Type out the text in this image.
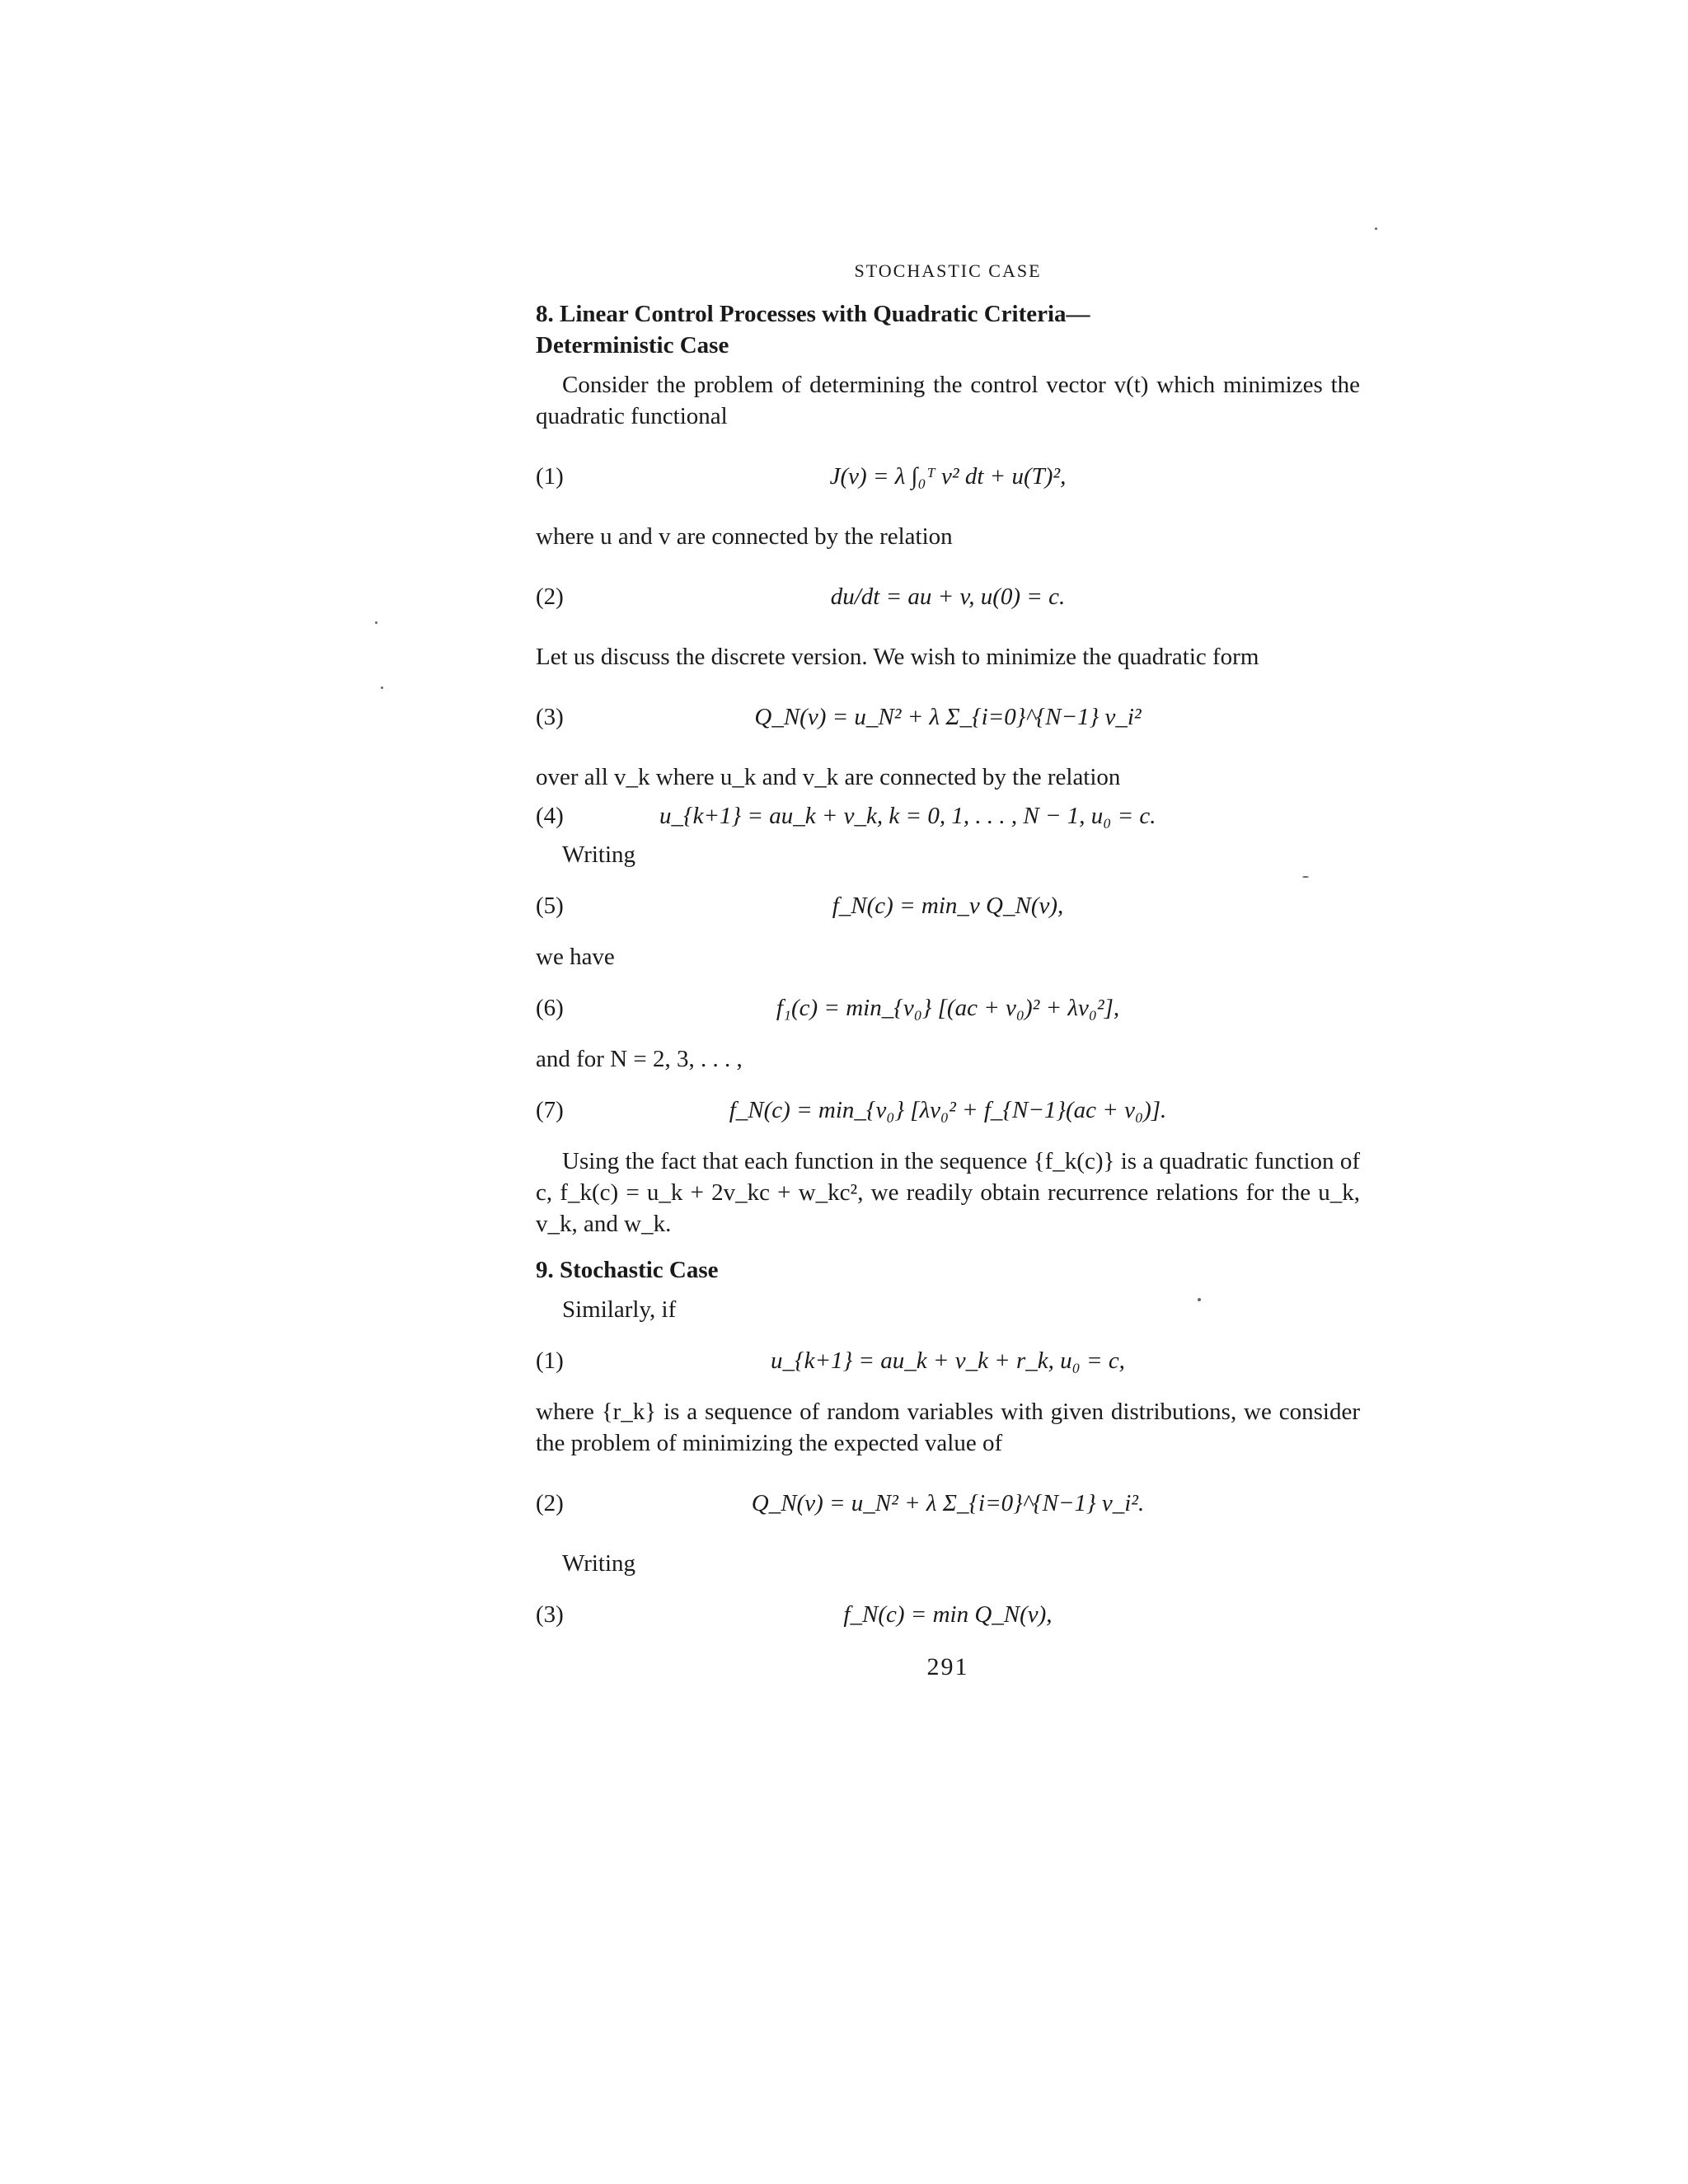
STOCHASTIC CASE
8. Linear Control Processes with Quadratic Criteria—
Deterministic Case

Consider the problem of determining the control vector v(t) which minimizes the quadratic functional

(1)	J(v) = λ ∫₀ᵀ v² dt + u(T)²,

where u and v are connected by the relation

(2)	du/dt = au + v, u(0) = c.

Let us discuss the discrete version. We wish to minimize the quadratic form

(3)	Q_N(v) = u_N² + λ Σ_{i=0}^{N−1} v_i²

over all v_k where u_k and v_k are connected by the relation

(4)	u_{k+1} = au_k + v_k, k = 0, 1, . . . , N − 1, u₀ = c.

Writing

(5)	f_N(c) = min_v Q_N(v),

we have

(6)	f₁(c) = min_{v₀} [(ac + v₀)² + λv₀²],

and for N = 2, 3, . . . ,

(7)	f_N(c) = min_{v₀} [λv₀² + f_{N−1}(ac + v₀)].

Using the fact that each function in the sequence {f_k(c)} is a quadratic function of c, f_k(c) = u_k + 2v_kc + w_kc², we readily obtain recurrence relations for the u_k, v_k, and w_k.

9. Stochastic Case

Similarly, if

(1)	u_{k+1} = au_k + v_k + r_k, u₀ = c,

where {r_k} is a sequence of random variables with given distributions, we consider the problem of minimizing the expected value of

(2)	Q_N(v) = u_N² + λ Σ_{i=0}^{N−1} v_i².

Writing

(3)	f_N(c) = min Q_N(v),
291
